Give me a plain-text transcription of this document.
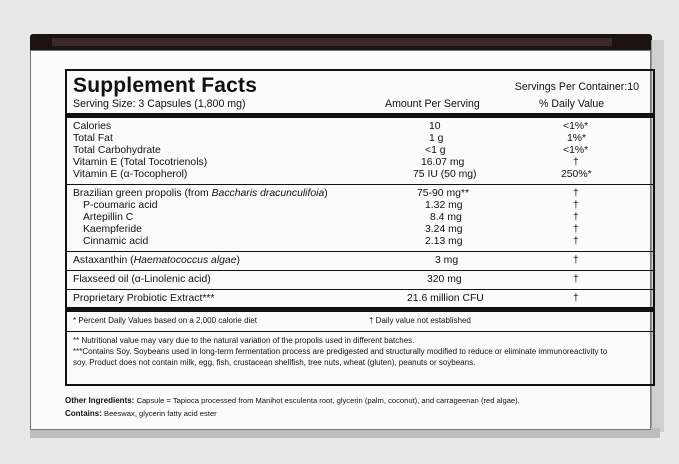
Supplement Facts	Servings Per Container:10
Serving Size: 3 Capsules (1,800 mg)	Amount Per Serving	% Daily Value
Calories	10	<1%*
Total Fat	1 g	1%*
Total Carbohydrate	<1 g	<1%*
Vitamin E (Total Tocotrienols)	16.07 mg	†
Vitamin E (α-Tocopherol)	75 IU (50 mg)	250%*
Brazilian green propolis (from Baccharis dracunculifoia)	75-90 mg**	†
P-coumaric acid	1.32 mg	†
Artepillin C	8.4 mg	†
Kaempferide	3.24 mg	†
Cinnamic acid	2.13 mg	†
Astaxanthin (Haematococcus algae)	3 mg	†
Flaxseed oil (α-Linolenic acid)	320 mg	†
Proprietary Probiotic Extract***	21.6 million CFU	†
* Percent Daily Values based on a 2,000 calorie diet	† Daily value not established
** Nutritional value may vary due to the natural variation of the propolis used in different batches.
***Contains Soy. Soybeans used in long-term fermentation process are predigested and structurally modified to reduce or eliminate immunoreactivity to soy. Product does not contain milk, egg, fish, crustacean shellfish, tree nuts, wheat (gluten), peanuts or soybeans.
Other Ingredients: Capsule = Tapioca processed from Manihot esculenta root, glycerin (palm, coconut), and carrageenan (red algae).
Contains: Beeswax, glycerin fatty acid ester
